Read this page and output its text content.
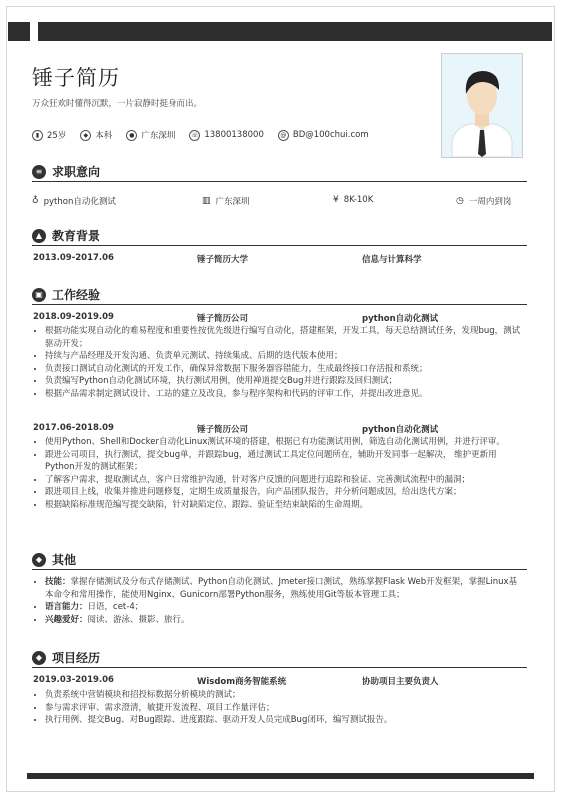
锤子简历
万众狂欢时懂得沉默，一片寂静时挺身而出。
▮ 25岁	◆ 本科	● 广东深圳	☏ 13800138000	@ BD@100chui.com
≡ 求职意向
♁ python自动化测试	▥ 广东深圳	¥ 8K-10K	◷ 一周内到岗
▲ 教育背景
2013.09-2017.06	锤子简历大学	信息与计算科学
▣ 工作经验
2018.09-2019.09	锤子简历公司	python自动化测试
• 根据功能实现自动化的难易程度和重要性按优先级进行编写自动化，搭建框架，开发工具，每天总结测试任务，发现bug，测试驱动开发；
• 持续与产品经理及开发沟通、负责单元测试、持续集成、后期的迭代版本使用；
• 负责接口测试自动化测试的开发工作，确保异常数据下服务器容错能力，生成最终接口存活报和系统；
• 负责编写Python自动化测试环境，执行测试用例，使用禅道提交Bug并进行跟踪及回归测试；
• 根据产品需求制定测试设计、工站的建立及改良，参与程序架构和代码的评审工作，并提出改进意见。
2017.06-2018.09	锤子简历公司	python自动化测试
• 使用Python、Shell和Docker自动化Linux测试环境的搭建，根据已有功能测试用例，筛选自动化测试用例，并进行评审。
• 跟进公司项目，执行测试，提交bug单，并跟踪bug，通过测试工具定位问题所在，辅助开发同事一起解决， 维护更新用Python开发的测试框架；
• 了解客户需求，提取测试点，客户日常维护沟通，针对客户反馈的问题进行追踪和验证、完善测试流程中的漏洞；
• 跟进项目上线，收集并推进问题修复，定期生成质量报告，向产品团队报告，并分析问题成因，给出迭代方案；
• 根据缺陷标准规范编写提交缺陷，针对缺陷定位、跟踪、验证至结束缺陷的生命周期。
◆ 其他
• 技能：掌握存储测试及分布式存储测试、Python自动化测试、Jmeter接口测试，熟练掌握Flask Web开发框架，掌握Linux基本命令和常用操作，能使用Nginx、Gunicorn部署Python服务，熟练使用Git等版本管理工具；
• 语言能力：日语，cet-4；
• 兴趣爱好：阅读、游泳、摄影、旅行。
◆ 项目经历
2019.03-2019.06	Wisdom商务智能系统	协助项目主要负责人
• 负责系统中营销模块和招投标数据分析模块的测试；
• 参与需求评审、需求澄清，敏捷开发流程、项目工作量评估；
• 执行用例、提交Bug、对Bug跟踪、进度跟踪、驱动开发人员完成Bug闭环，编写测试报告。
